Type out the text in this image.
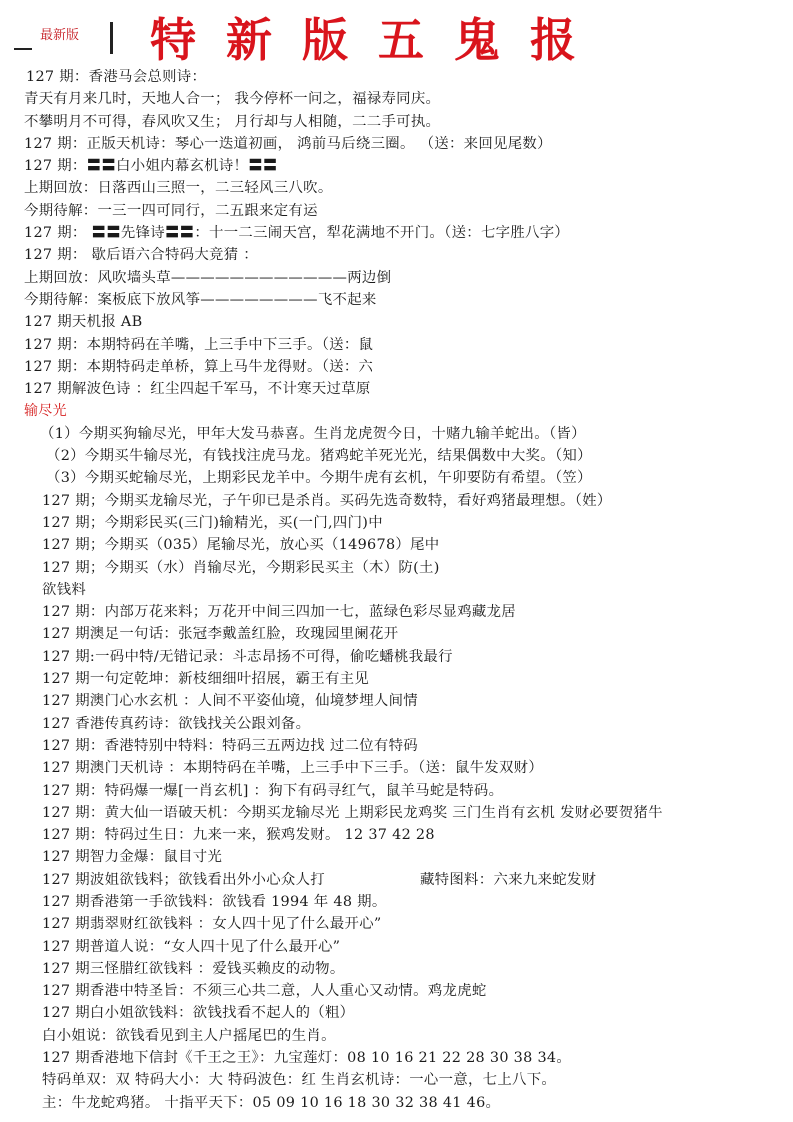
最新版 特新版五鬼报
127 期：香港马会总则诗：
青天有月来几时，天地人合一； 我今停杯一问之，福禄寿同庆。
不攀明月不可得，春风吹又生； 月行却与人相随，二二手可执。
127 期：正版天机诗：琴心一迭道初画， 鸿前马后绕三圈。 （送：来回见尾数）
127 期：〓〓白小姐内幕玄机诗！〓〓
上期回放：日落西山三照一，二三轻风三八吹。
今期待解：一三一四可同行，二五跟来定有运
127 期： 〓〓先锋诗〓〓：十一二三闹天宫，犁花满地不开门。（送：七字胜八字）
127 期： 歇后语六合特码大竞猜 ：
上期回放：风吹墙头草————————————两边倒
今期待解：案板底下放风筝————————飞不起来
127 期天机报 AB
127 期：本期特码在羊嘴，上三手中下三手。（送：鼠
127 期：本期特码走单桥，算上马牛龙得财。（送：六
127 期解波色诗 ：红尘四起千军马，不计寒天过草原
输尽光
（1）今期买狗输尽光，甲年大发马恭喜。生肖龙虎贺今日，十赌九输羊蛇出。（皆）
（2）今期买牛输尽光，有钱找注虎马龙。猪鸡蛇羊死光光，结果偶数中大奖。（知）
（3）今期买蛇输尽光，上期彩民龙羊中。今期牛虎有玄机，午卯要防有希望。（笠）
127 期；今期买龙输尽光，子午卯已是杀肖。买码先选奇数特，看好鸡猪最理想。（姓）
127 期；今期彩民买(三门)输精光，买(一门,四门)中
127 期；今期买（035）尾输尽光，放心买（149678）尾中
127 期；今期买（水）肖输尽光，今期彩民买主（木）防(土)
欲钱料
127 期：内部万花来料；万花开中间三四加一七，蓝绿色彩尽显鸡藏龙居
127 期澳足一句话：张冠李戴盖红脸，玫瑰园里阑花开
127 期:一码中特/无错记录：斗志昂扬不可得，偷吃蟠桃我最行
127 期一句定乾坤：新枝细细叶招展，霸王有主见
127 期澳门心水玄机 ：人间不平姿仙境，仙境梦埋人间情
127 香港传真药诗：欲钱找关公跟刘备。
127 期：香港特别中特料：特码三五两边找 过二位有特码
127 期澳门天机诗 ：本期特码在羊嘴，上三手中下三手。（送：鼠牛发双财）
127 期：特码爆一爆[一肖玄机] ：狗下有码寻红气，鼠羊马蛇是特码。
127 期：黄大仙一语破天机：今期买龙输尽光 上期彩民龙鸡奖 三门生肖有玄机 发财必要贺猪牛
127 期：特码过生日：九来一来，猴鸡发财。 12 37 42 28
127 期智力金爆：鼠目寸光
127 期波姐欲钱料；欲钱看出外小心众人打	藏特图料：六来九来蛇发财
127 期香港第一手欲钱料：欲钱看 1994 年 48 期。
127 期翡翠财红欲钱料 ：女人四十见了什么最开心”
127 期普道人说：“女人四十见了什么最开心”
127 期三怪腊红欲钱料 ：爱钱买赖皮的动物。
127 期香港中特圣旨：不须三心共二意，人人重心又动情。鸡龙虎蛇
127 期白小姐欲钱料：欲钱找看不起人的（粗）
白小姐说：欲钱看见到主人户摇尾巴的生肖。
127 期香港地下信封《千王之王》：九宝莲灯：08 10 16 21 22 28 30 38 34。
特码单双：双 特码大小：大 特码波色：红 生肖玄机诗：一心一意，七上八下。
主：牛龙蛇鸡猪。 十指平天下：05 09 10 16 18 30 32 38 41 46。
